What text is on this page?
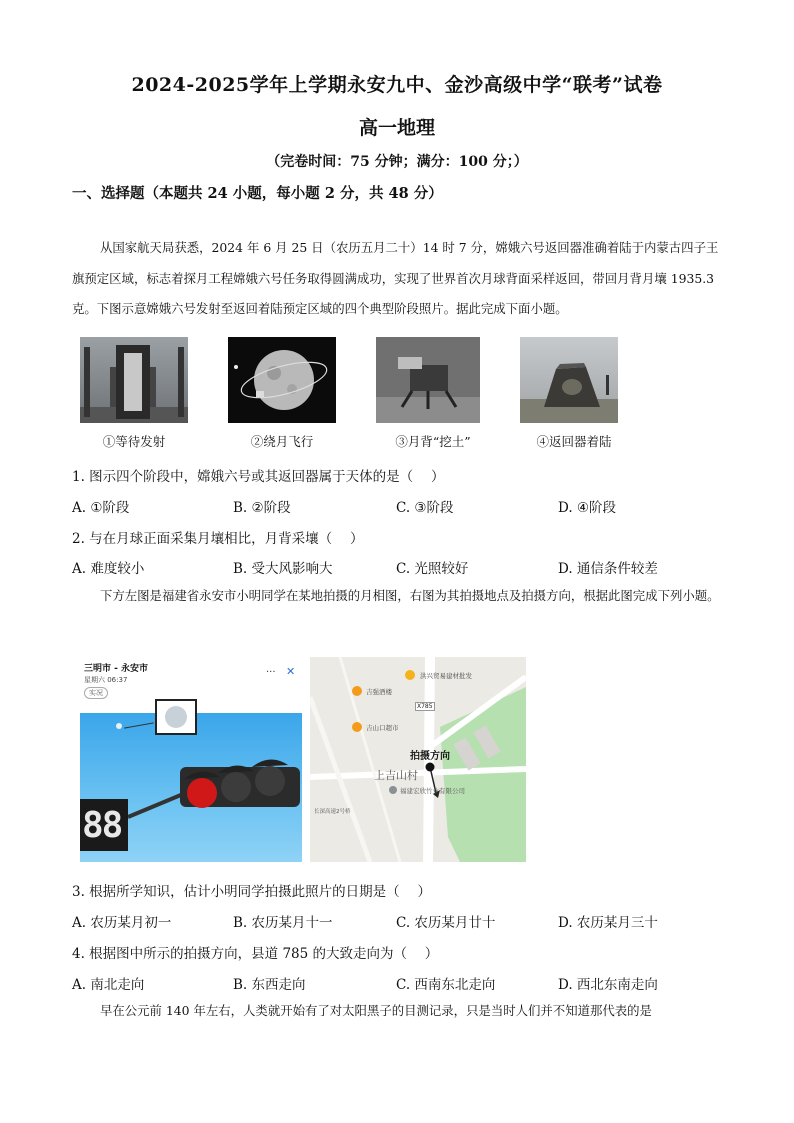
2024-2025学年上学期永安九中、金沙高级中学“联考”试卷
高一地理
（完卷时间：75 分钟；满分：100 分；）
一、选择题（本题共 24 小题，每小题 2 分，共 48 分）
从国家航天局获悉，2024 年 6 月 25 日（农历五月二十）14 时 7 分，嫦娥六号返回器准确着陆于内蒙古四子王旗预定区域，标志着探月工程嫦娥六号任务取得圆满成功，实现了世界首次月球背面采样返回，带回月背月壤 1935.3 克。下图示意嫦娥六号发射至返回着陆预定区域的四个典型阶段照片。据此完成下面小题。
①等待发射	②绕月飞行	③月背“挖土”	④返回器着陆
1. 图示四个阶段中，嫦娥六号或其返回器属于天体的是（　 ）
A. ①阶段	B. ②阶段	C. ③阶段	D. ④阶段
2. 与在月球正面采集月壤相比，月背采壤（　 ）
A. 难度较小	B. 受大风影响大	C. 光照较好	D. 通信条件较差
下方左图是福建省永安市小明同学在某地拍摄的月相图，右图为其拍摄地点及拍摄方向，根据此图完成下列小题。
三明市 - 永安市
星期六 06:37
实况
··· ✕
88
洪兴贸易建材批发
吉强酒楼
X785
吉山口超市
拍摄方向
上吉山村
福建宏欣竹业有限公司
长深高速2号桥
3. 根据所学知识，估计小明同学拍摄此照片的日期是（　 ）
A. 农历某月初一	B. 农历某月十一	C. 农历某月廿十	D. 农历某月三十
4. 根据图中所示的拍摄方向，县道 785 的大致走向为（　 ）
A. 南北走向	B. 东西走向	C. 西南东北走向	D. 西北东南走向
早在公元前 140 年左右，人类就开始有了对太阳黑子的目测记录，只是当时人们并不知道那代表的是
